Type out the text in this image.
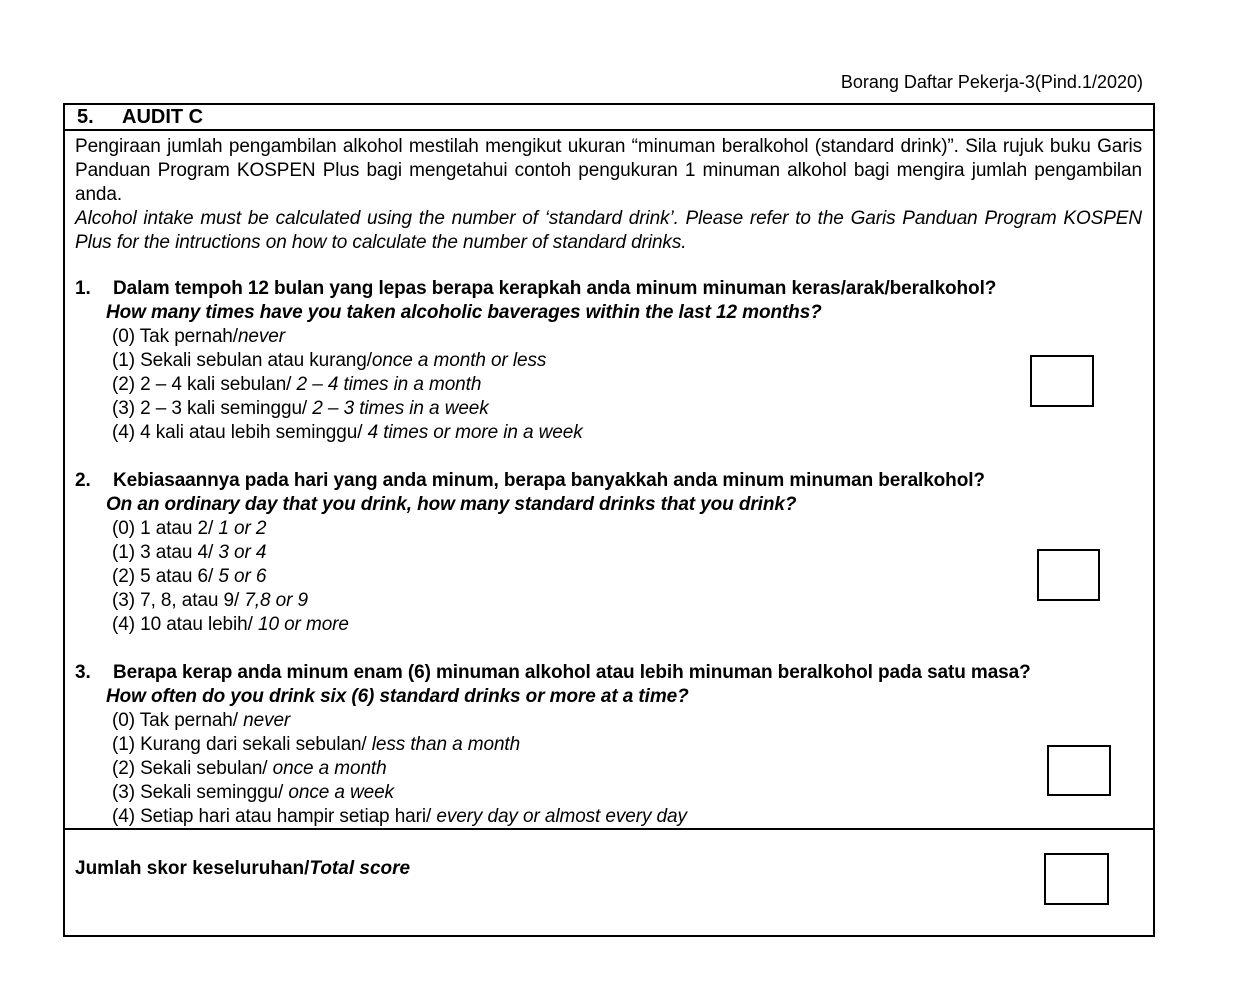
Borang Daftar Pekerja-3(Pind.1/2020)
5.	AUDIT C

Pengiraan jumlah pengambilan alkohol mestilah mengikut ukuran “minuman beralkohol (standard drink)”. Sila rujuk buku Garis Panduan Program KOSPEN Plus bagi mengetahui contoh pengukuran 1 minuman alkohol bagi mengira jumlah pengambilan anda.

Alcohol intake must be calculated using the number of ‘standard drink’. Please refer to the Garis Panduan Program KOSPEN Plus for the intructions on how to calculate the number of standard drinks.

1.	Dalam tempoh 12 bulan yang lepas berapa kerapkah anda minum minuman keras/arak/beralkohol?
How many times have you taken alcoholic baverages within the last 12 months?
(0) Tak pernah/never
(1) Sekali sebulan atau kurang/once a month or less
(2) 2 – 4 kali sebulan/ 2 – 4 times in a month
(3) 2 – 3 kali seminggu/ 2 – 3 times in a week
(4) 4 kali atau lebih seminggu/ 4 times or more in a week
2.	Kebiasaannya pada hari yang anda minum, berapa banyakkah anda minum minuman beralkohol?
On an ordinary day that you drink, how many standard drinks that you drink?
(0) 1 atau 2/ 1 or 2
(1) 3 atau 4/ 3 or 4
(2) 5 atau 6/ 5 or 6
(3) 7, 8, atau 9/ 7,8 or 9
(4) 10 atau lebih/ 10 or more
3.	Berapa kerap anda minum enam (6) minuman alkohol atau lebih minuman beralkohol pada satu masa?
How often do you drink six (6) standard drinks or more at a time?
(0) Tak pernah/ never
(1) Kurang dari sekali sebulan/ less than a month
(2) Sekali sebulan/ once a month
(3) Sekali seminggu/ once a week
(4) Setiap hari atau hampir setiap hari/ every day or almost every day
Jumlah skor keseluruhan/Total score
